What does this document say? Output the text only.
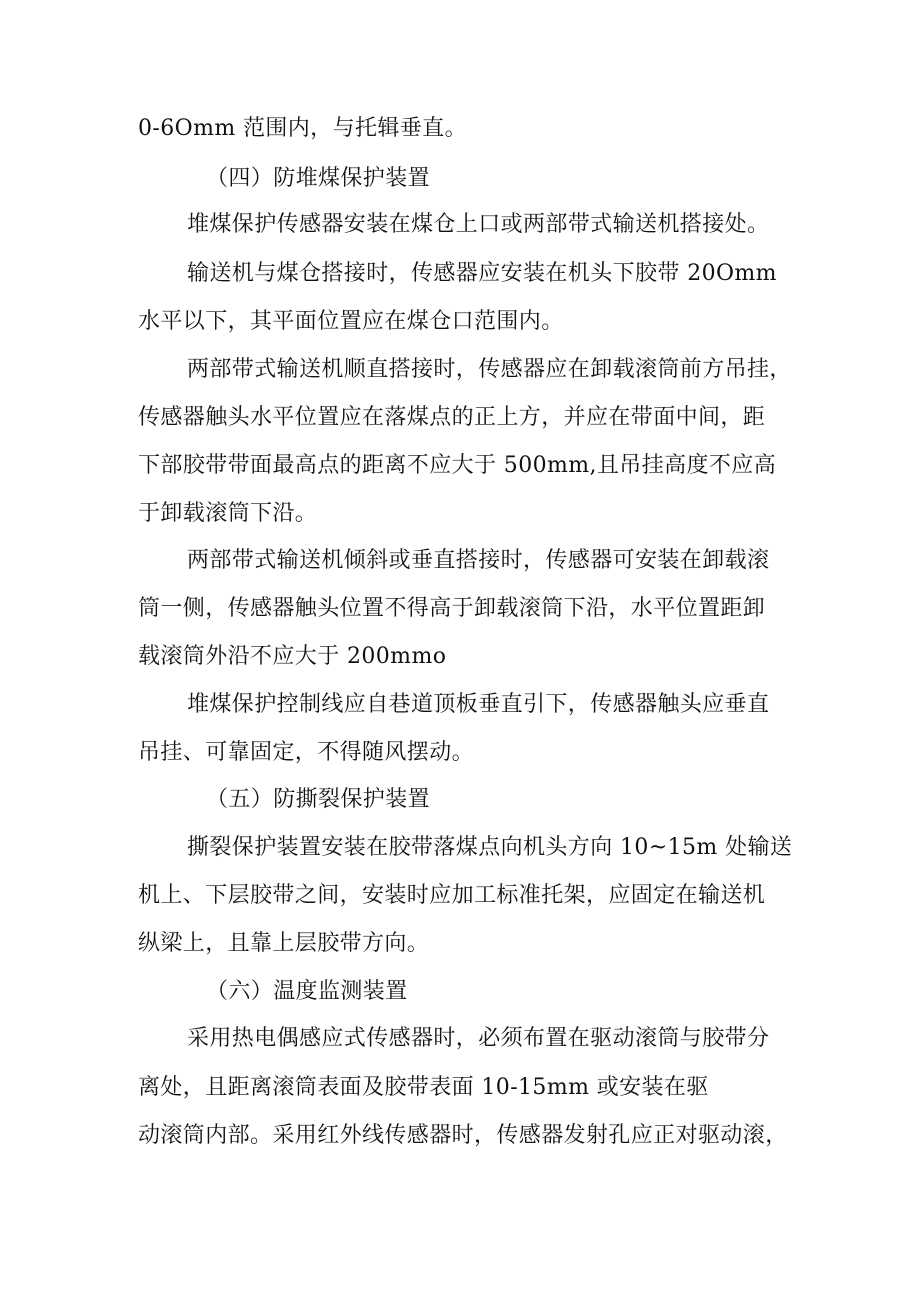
0-6Omm 范围内，与托辑垂直。
（四）防堆煤保护装置
堆煤保护传感器安装在煤仓上口或两部带式输送机搭接处。
输送机与煤仓搭接时，传感器应安装在机头下胶带 20Omm
水平以下，其平面位置应在煤仓口范围内。
两部带式输送机顺直搭接时，传感器应在卸载滚筒前方吊挂，
传感器触头水平位置应在落煤点的正上方，并应在带面中间，距
下部胶带带面最高点的距离不应大于 500mm,且吊挂高度不应高
于卸载滚筒下沿。
两部带式输送机倾斜或垂直搭接时，传感器可安装在卸载滚
筒一侧，传感器触头位置不得高于卸载滚筒下沿，水平位置距卸
载滚筒外沿不应大于 200mmo
堆煤保护控制线应自巷道顶板垂直引下，传感器触头应垂直
吊挂、可靠固定，不得随风摆动。
（五）防撕裂保护装置
撕裂保护装置安装在胶带落煤点向机头方向 10~15m 处输送
机上、下层胶带之间，安装时应加工标准托架，应固定在输送机
纵梁上，且靠上层胶带方向。
（六）温度监测装置
采用热电偶感应式传感器时，必须布置在驱动滚筒与胶带分
离处，且距离滚筒表面及胶带表面 10-15mm 或安装在驱
动滚筒内部。采用红外线传感器时，传感器发射孔应正对驱动滚，
